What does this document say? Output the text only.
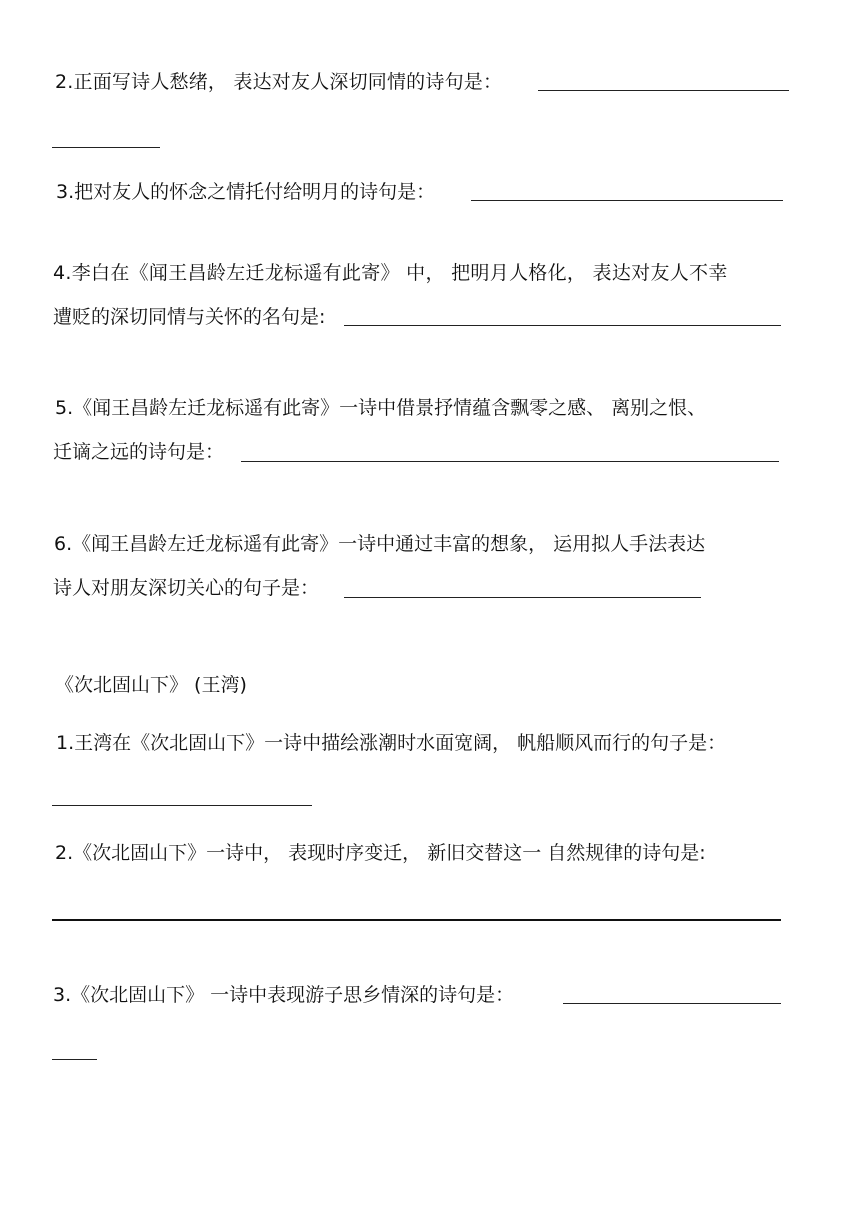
2.正面写诗人愁绪， 表达对友人深切同情的诗句是：
3.把对友人的怀念之情托付给明月的诗句是：
4.李白在《闻王昌龄左迁龙标遥有此寄》 中， 把明月人格化， 表达对友人不幸
遭贬的深切同情与关怀的名句是:
5.《闻王昌龄左迁龙标遥有此寄》一诗中借景抒情蕴含飘零之感、 离别之恨、
迁谪之远的诗句是：
6.《闻王昌龄左迁龙标遥有此寄》一诗中通过丰富的想象， 运用拟人手法表达
诗人对朋友深切关心的句子是：
《次北固山下》 (王湾)
1.王湾在《次北固山下》一诗中描绘涨潮时水面宽阔， 帆船顺风而行的句子是：
2.《次北固山下》一诗中， 表现时序变迁， 新旧交替这一 自然规律的诗句是:
3.《次北固山下》 一诗中表现游子思乡情深的诗句是：
